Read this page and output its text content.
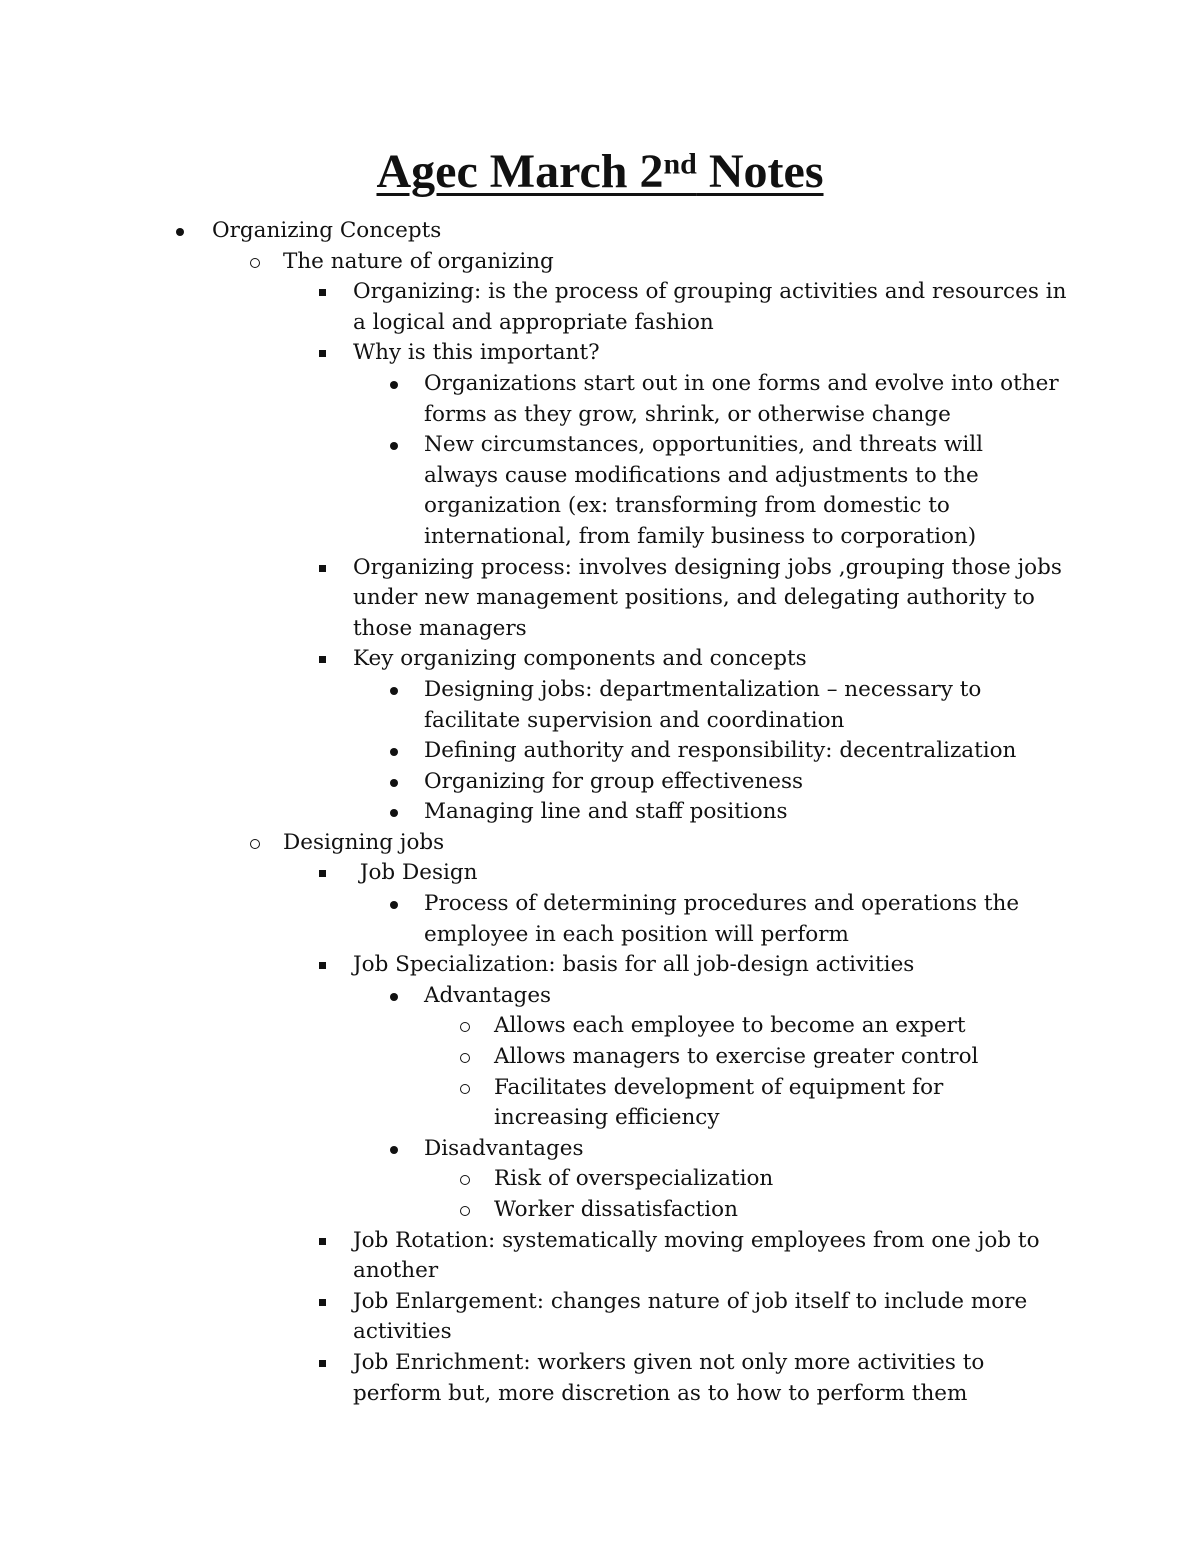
Agec March 2nd Notes
Organizing Concepts
The nature of organizing
Organizing: is the process of grouping activities and resources in
a logical and appropriate fashion
Why is this important?
Organizations start out in one forms and evolve into other
forms as they grow, shrink, or otherwise change
New circumstances, opportunities, and threats will
always cause modifications and adjustments to the
organization (ex: transforming from domestic to
international, from family business to corporation)
Organizing process: involves designing jobs ,grouping those jobs
under new management positions, and delegating authority to
those managers
Key organizing components and concepts
Designing jobs: departmentalization – necessary to
facilitate supervision and coordination
Defining authority and responsibility: decentralization
Organizing for group effectiveness
Managing line and staff positions
Designing jobs
Job Design
Process of determining procedures and operations the
employee in each position will perform
Job Specialization: basis for all job-design activities
Advantages
Allows each employee to become an expert
Allows managers to exercise greater control
Facilitates development of equipment for
increasing efficiency
Disadvantages
Risk of overspecialization
Worker dissatisfaction
Job Rotation: systematically moving employees from one job to
another
Job Enlargement: changes nature of job itself to include more
activities
Job Enrichment: workers given not only more activities to
perform but, more discretion as to how to perform them
